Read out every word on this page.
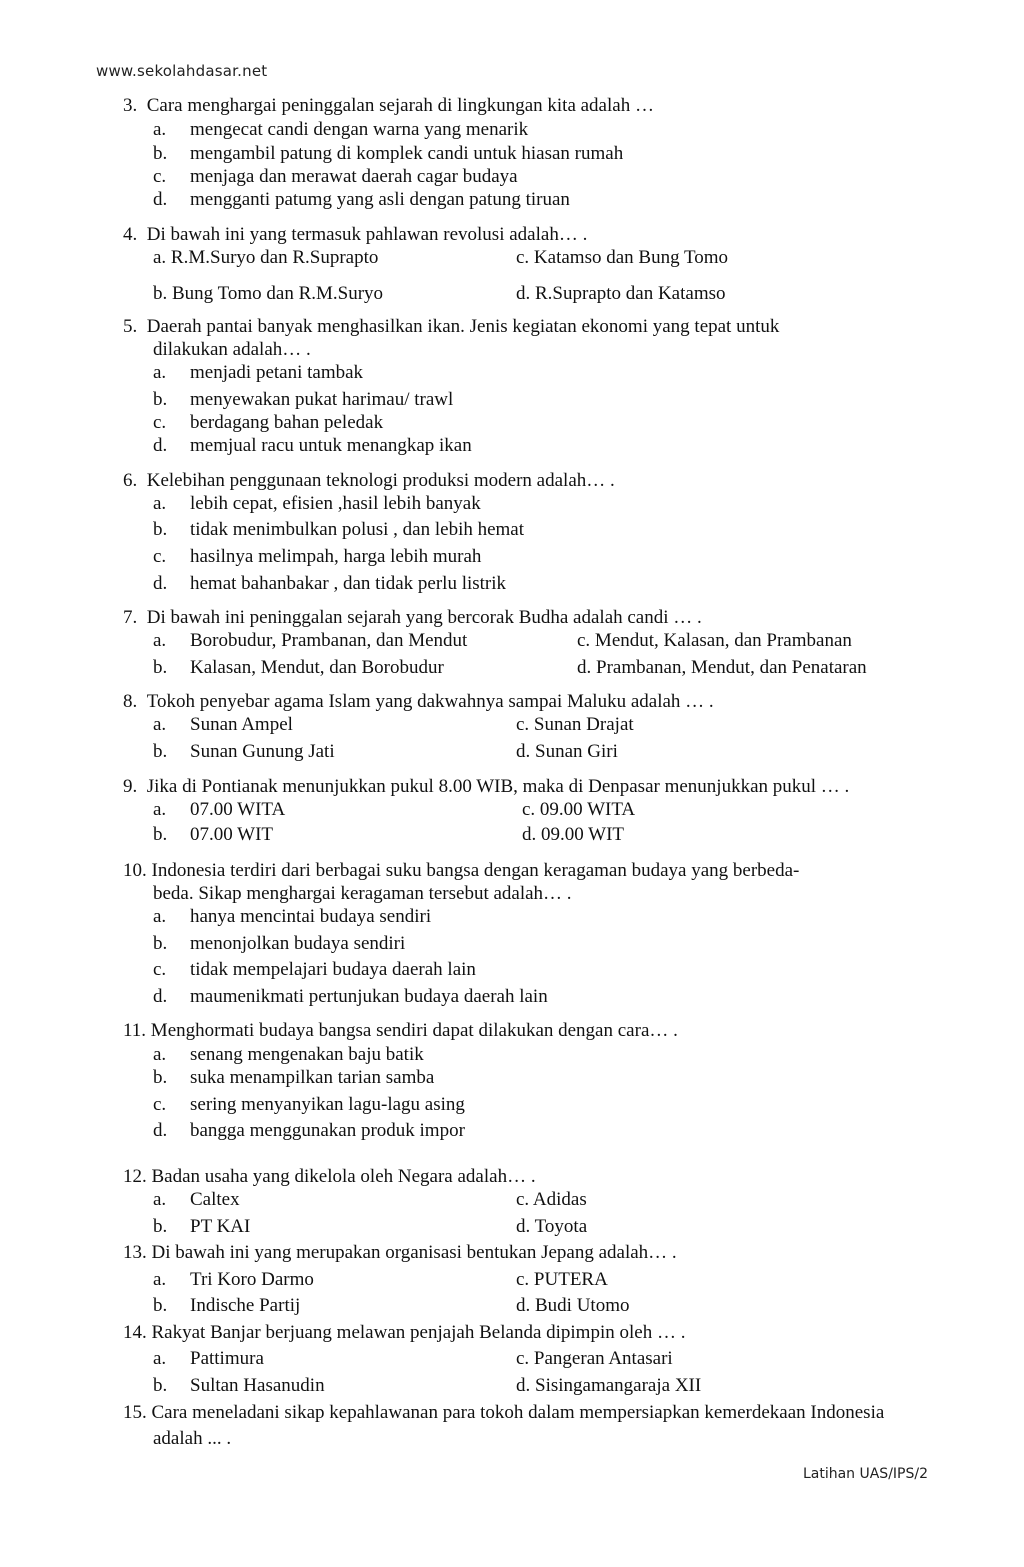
www.sekolahdasar.net
3. Cara menghargai peninggalan sejarah di lingkungan kita adalah …
a. mengecat candi dengan warna yang menarik
b. mengambil patung di komplek candi untuk hiasan rumah
c. menjaga dan merawat daerah cagar budaya
d. mengganti patumg yang asli dengan patung tiruan
4. Di bawah ini yang termasuk pahlawan revolusi adalah… .
a. R.M.Suryo dan R.Suprapto	c. Katamso dan Bung Tomo
b. Bung Tomo dan R.M.Suryo	d. R.Suprapto dan Katamso
5. Daerah pantai banyak menghasilkan ikan. Jenis kegiatan ekonomi yang tepat untuk
dilakukan adalah… .
a. menjadi petani tambak
b. menyewakan pukat harimau/ trawl
c. berdagang bahan peledak
d. memjual racu untuk menangkap ikan
6. Kelebihan penggunaan teknologi produksi modern adalah… .
a. lebih cepat, efisien ,hasil lebih banyak
b. tidak menimbulkan polusi , dan lebih hemat
c. hasilnya melimpah, harga lebih murah
d. hemat bahanbakar , dan tidak perlu listrik
7. Di bawah ini peninggalan sejarah yang bercorak Budha adalah candi … .
a. Borobudur, Prambanan, dan Mendut	c. Mendut, Kalasan, dan Prambanan
b. Kalasan, Mendut, dan Borobudur	d. Prambanan, Mendut, dan Penataran
8. Tokoh penyebar agama Islam yang dakwahnya sampai Maluku adalah … .
a. Sunan Ampel	c. Sunan Drajat
b. Sunan Gunung Jati	d. Sunan Giri
9. Jika di Pontianak menunjukkan pukul 8.00 WIB, maka di Denpasar menunjukkan pukul … .
a. 07.00 WITA	c. 09.00 WITA
b. 07.00 WIT	d. 09.00 WIT
10. Indonesia terdiri dari berbagai suku bangsa dengan keragaman budaya yang berbeda-
beda. Sikap menghargai keragaman tersebut adalah… .
a. hanya mencintai budaya sendiri
b. menonjolkan budaya sendiri
c. tidak mempelajari budaya daerah lain
d. maumenikmati pertunjukan budaya daerah lain
11. Menghormati budaya bangsa sendiri dapat dilakukan dengan cara… .
a. senang mengenakan baju batik
b. suka menampilkan tarian samba
c. sering menyanyikan lagu-lagu asing
d. bangga menggunakan produk impor
12. Badan usaha yang dikelola oleh Negara adalah… .
a. Caltex	c. Adidas
b. PT KAI	d. Toyota
13. Di bawah ini yang merupakan organisasi bentukan Jepang adalah… .
a. Tri Koro Darmo	c. PUTERA
b. Indische Partij	d. Budi Utomo
14. Rakyat Banjar berjuang melawan penjajah Belanda dipimpin oleh … .
a. Pattimura	c. Pangeran Antasari
b. Sultan Hasanudin	d. Sisingamangaraja XII
15. Cara meneladani sikap kepahlawanan para tokoh dalam mempersiapkan kemerdekaan Indonesia
adalah ... .
Latihan UAS/IPS/2
